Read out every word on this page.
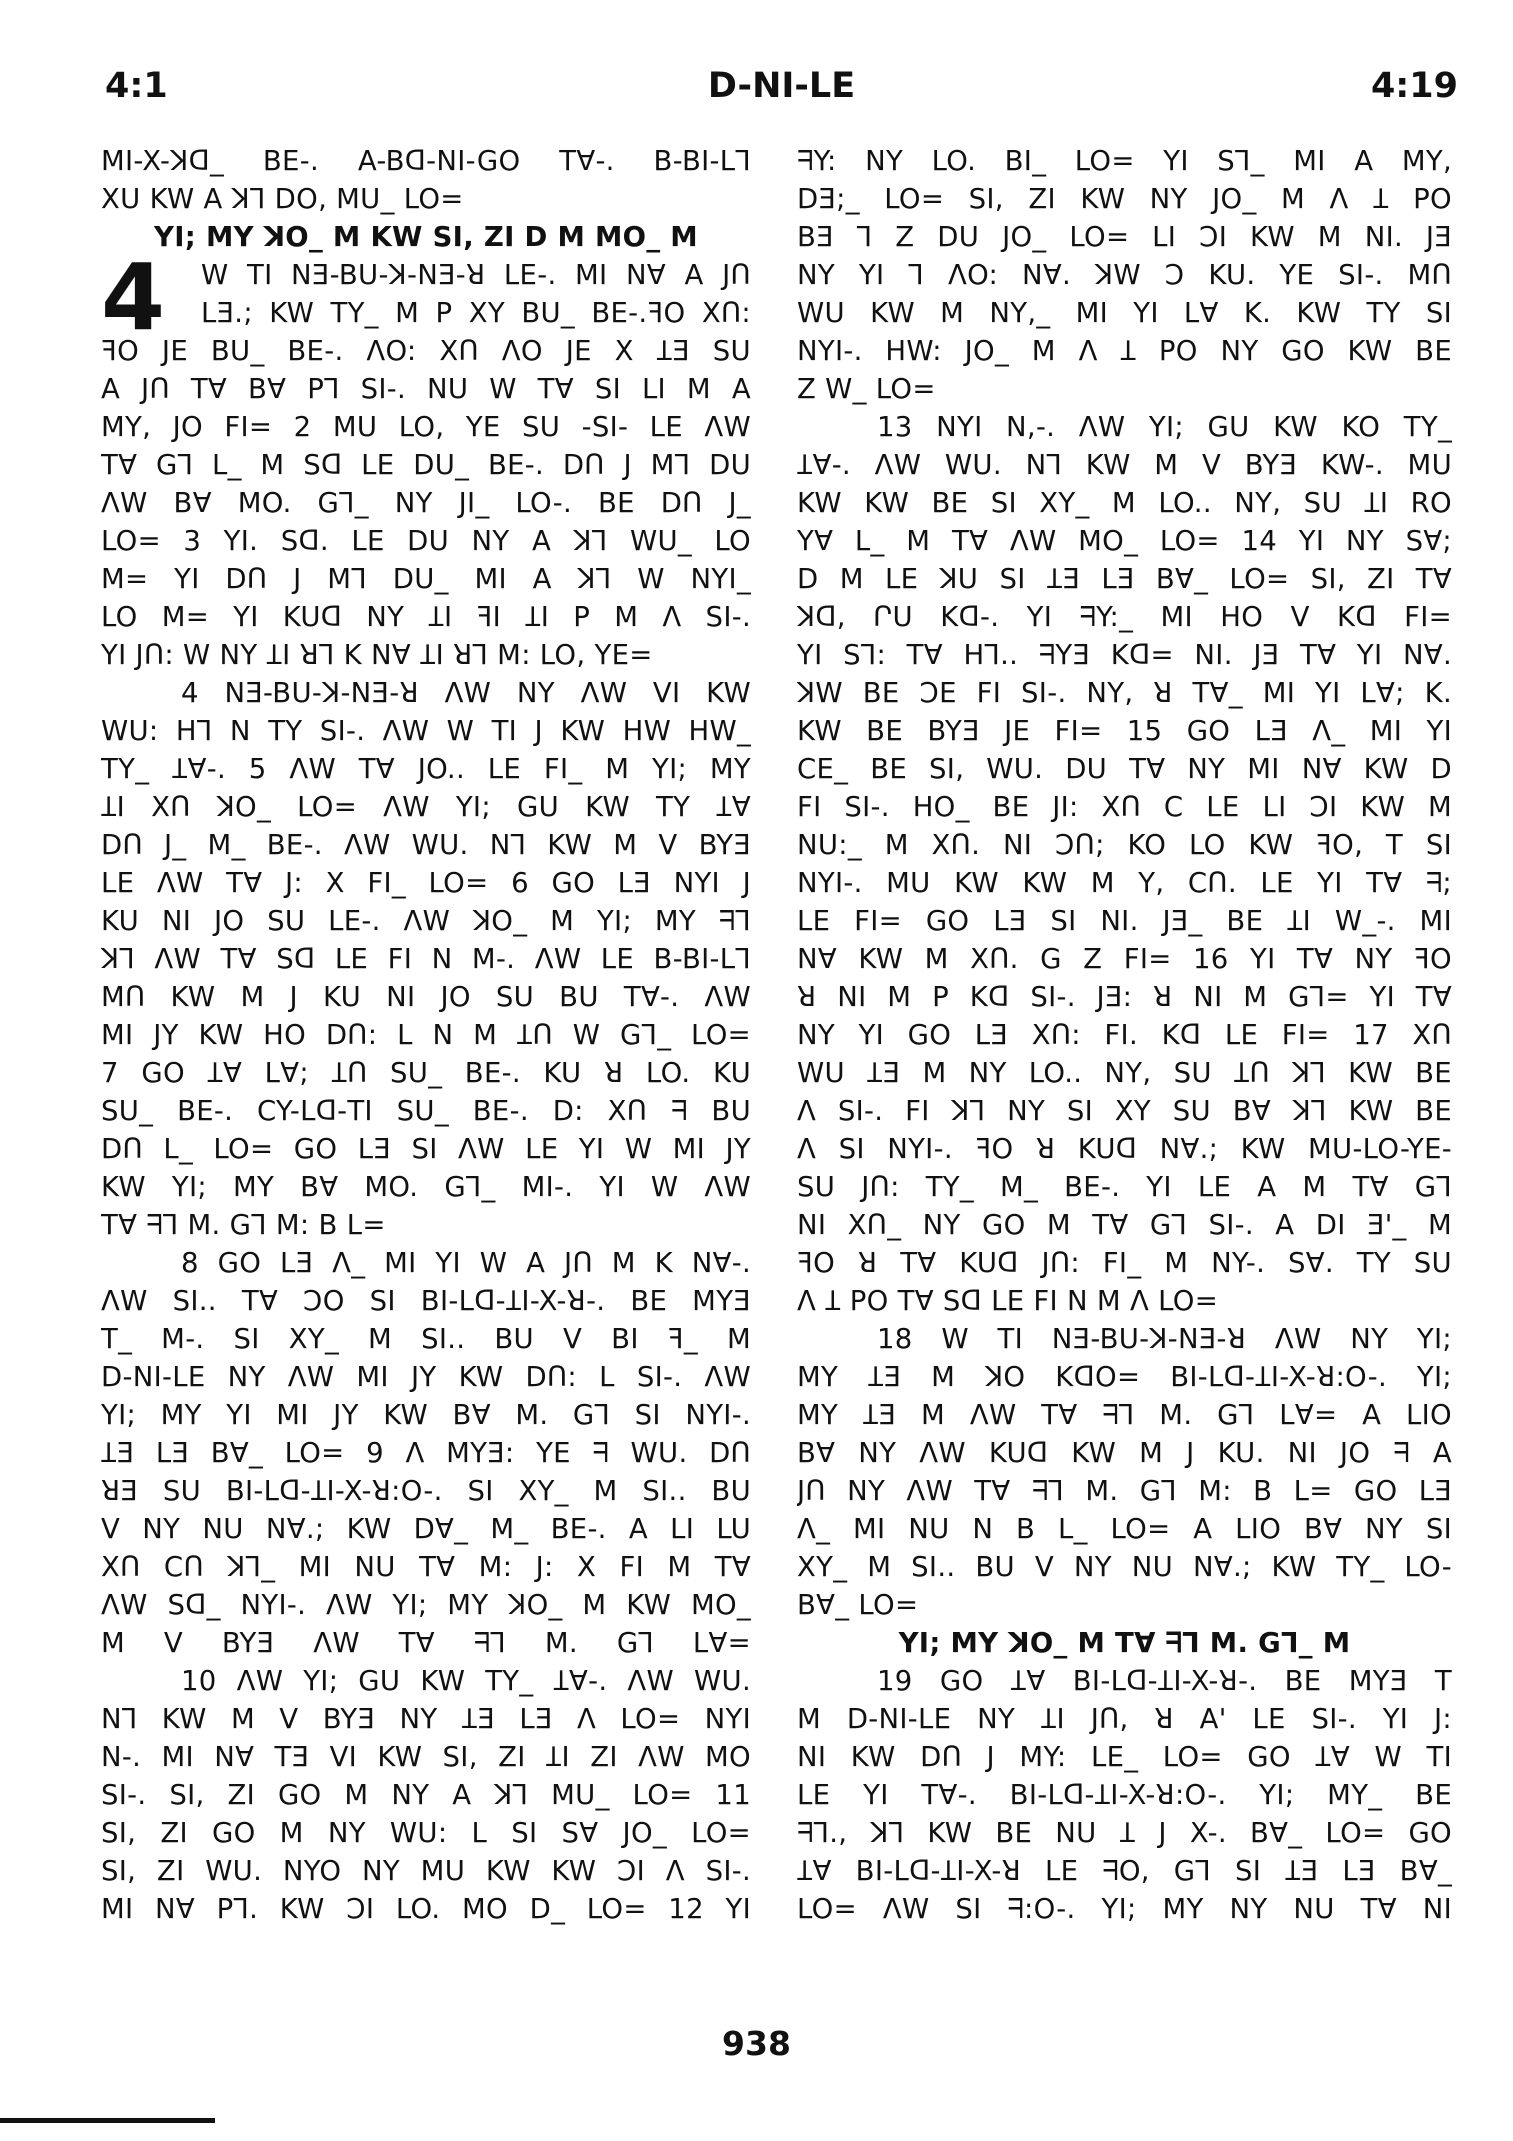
4:1	D-NI-LE	4:19
MI-X-ꓘᗡ_ BE-. A-Bᗡ-NI-GO TⱯ-. B-BI-LꞀ
XU KW A ꓘꞀ DO, MU_ LO=
YI; MY ꓘO_ M KW SI, ZI D M MO_ M
W TI NƎ-BU-ꓘ-NƎ-ꓤ LE-. MI NⱯ A JՈ
4	LƎ.; KW TY_ M P XY BU_ BE-.ꟻO XՈ:
ꟻO JE BU_ BE-. ΛO: XՈ ΛO JE X ꞱƎ SU
A JՈ TⱯ BⱯ PꞀ SI-. NU W TⱯ SI LI M A
MY, JO FI= 2 MU LO, YE SU -SI- LE ΛW
TⱯ GꞀ L_ M Sᗡ LE DU_ BE-. DՈ J MꞀ DU
ΛW BⱯ MO. GꞀ_ NY JI_ LO-. BE DՈ J_
LO= 3 YI. Sᗡ. LE DU NY A ꓘꞀ WU_ LO
M= YI DՈ J MꞀ DU_ MI A ꓘꞀ W NYI_
LO M= YI KUᗡ NY ꞱI ꟻI ꞱI P M Λ SI-.
YI JՈ: W NY ꞱI ꓤꞀ K NⱯ ꞱI ꓤꞀ M: LO, YE=
4 NƎ-BU-ꓘ-NƎ-ꓤ ΛW NY ΛW VI KW
WU: HꞀ N TY SI-. ΛW W TI J KW HW HW_
TY_ ꞱⱯ-. 5 ΛW TⱯ JO.. LE FI_ M YI; MY
ꞱI XՈ ꓘO_ LO= ΛW YI; GU KW TY ꞱⱯ
DՈ J_ M_ BE-. ΛW WU. NꞀ KW M V BYƎ
LE ΛW TⱯ J: X FI_ LO= 6 GO LƎ NYI J
KU NI JO SU LE-. ΛW ꓘO_ M YI; MY ᖷꞀ
ꓘꞀ ΛW TⱯ Sᗡ LE FI N M-. ΛW LE B-BI-LꞀ
MՈ KW M J KU NI JO SU BU TⱯ-. ΛW
MI JY KW HO DՈ: L N M ꞱՈ W GꞀ_ LO=
7 GO ꞱⱯ LⱯ; ꞱՈ SU_ BE-. KU ꓤ LO. KU
SU_ BE-. CY-Lᗡ-TI SU_ BE-. D: XՈ ᖷ BU
DՈ L_ LO= GO LƎ SI ΛW LE YI W MI JY
KW YI; MY BⱯ MO. GꞀ_ MI-. YI W ΛW
TⱯ ᖷꞀ M. GꞀ M: B L=
8 GO LƎ Λ_ MI YI W A JՈ M K NⱯ-.
ΛW SI.. TⱯ ƆO SI BI-Lᗡ-ꞱI-X-ꓤ-. BE MYƎ
T_ M-. SI XY_ M SI.. BU V BI ꟻ_ M
D-NI-LE NY ΛW MI JY KW DՈ: L SI-. ΛW
YI; MY YI MI JY KW BⱯ M. GꞀ SI NYI-.
ꞱƎ LƎ BⱯ_ LO= 9 Λ MYƎ: YE ᖷ WU. DՈ
ꓤƎ SU BI-Lᗡ-ꞱI-X-ꓤ:O-. SI XY_ M SI.. BU
V NY NU NⱯ.; KW DⱯ_ M_ BE-. A LI LU
XՈ CՈ ꓘꞀ_ MI NU TⱯ M: J: X FI M TⱯ
ΛW Sᗡ_ NYI-. ΛW YI; MY ꓘO_ M KW MO_
M V BYƎ ΛW TⱯ ᖷꞀ M. GꞀ LⱯ=
10 ΛW YI; GU KW TY_ ꞱⱯ-. ΛW WU.
NꞀ KW M V BYƎ NY ꞱƎ LƎ Λ LO= NYI
N-. MI NⱯ TƎ VI KW SI, ZI ꞱI ZI ΛW MO
SI-. SI, ZI GO M NY A ꓘꞀ MU_ LO= 11
SI, ZI GO M NY WU: L SI SⱯ JO_ LO=
SI, ZI WU. NYO NY MU KW KW ƆI Λ SI-.
MI NⱯ PꞀ. KW ƆI LO. MO D_ LO= 12 YI
ᖷY: NY LO. BI_ LO= YI SꞀ_ MI A MY,
DƎ;_ LO= SI, ZI KW NY JO_ M Λ Ʇ PO
BƎ Ꞁ Z DU JO_ LO= LI ƆI KW M NI. JƎ
NY YI Ꞁ ΛO: NⱯ. ꓘW Ɔ KU. YE SI-. MՈ
WU KW M NY,_ MI YI LⱯ K. KW TY SI
NYI-. HW: JO_ M Λ Ʇ PO NY GO KW BE
Z W_ LO=
13 NYI N,-. ΛW YI; GU KW KO TY_
ꞱⱯ-. ΛW WU. NꞀ KW M V BYƎ KW-. MU
KW KW BE SI XY_ M LO.. NY, SU ꞱI RO
YⱯ L_ M TⱯ ΛW MO_ LO= 14 YI NY SⱯ;
D M LE ꓘU SI ꞱƎ LƎ BⱯ_ LO= SI, ZI TⱯ
ꓘᗡ, ՐU Kᗡ-. YI ᖷY:_ MI HO V Kᗡ FI=
YI SꞀ: TⱯ HꞀ.. ᖷYƎ Kᗡ= NI. JƎ TⱯ YI NⱯ.
ꓘW BE ƆE FI SI-. NY, ꓤ TⱯ_ MI YI LⱯ; K.
KW BE BYƎ JE FI= 15 GO LƎ Λ_ MI YI
CE_ BE SI, WU. DU TⱯ NY MI NⱯ KW D
FI SI-. HO_ BE JI: XՈ C LE LI ƆI KW M
NU:_ M XՈ. NI ƆՈ; KO LO KW ꟻO, T SI
NYI-. MU KW KW M Y, CՈ. LE YI TⱯ ᖷ;
LE FI= GO LƎ SI NI. JƎ_ BE ꞱI W_-. MI
NⱯ KW M XՈ. G Z FI= 16 YI TⱯ NY ꟻO
ꓤ NI M P Kᗡ SI-. JƎ: ꓤ NI M GꞀ= YI TⱯ
NY YI GO LƎ XՈ: FI. Kᗡ LE FI= 17 XՈ
WU ꞱƎ M NY LO.. NY, SU ꞱՈ ꓘꞀ KW BE
Λ SI-. FI ꓘꞀ NY SI XY SU BⱯ ꓘꞀ KW BE
Λ SI NYI-. ꟻO ꓤ KUᗡ NⱯ.; KW MU-LO-YE-
SU JՈ: TY_ M_ BE-. YI LE A M TⱯ GꞀ
NI XՈ_ NY GO M TⱯ GꞀ SI-. A DI Ǝ'_ M
ꟻO ꓤ TⱯ KUᗡ JՈ: FI_ M NY-. SⱯ. TY SU
Λ Ʇ PO TⱯ Sᗡ LE FI N M Λ LO=
18 W TI NƎ-BU-ꓘ-NƎ-ꓤ ΛW NY YI;
MY ꞱƎ M ꓘO KᗡO= BI-Lᗡ-ꞱI-X-ꓤ:O-. YI;
MY ꞱƎ M ΛW TⱯ ᖷꞀ M. GꞀ LⱯ= A LIO
BⱯ NY ΛW KUᗡ KW M J KU. NI JO ᖷ A
JՈ NY ΛW TⱯ ᖷꞀ M. GꞀ M: B L= GO LƎ
Λ_ MI NU N B L_ LO= A LIO BⱯ NY SI
XY_ M SI.. BU V NY NU NⱯ.; KW TY_ LO-
BⱯ_ LO=
YI; MY ꓘO_ M TⱯ ᖷꞀ M. GꞀ_ M
19 GO ꞱⱯ BI-Lᗡ-ꞱI-X-ꓤ-. BE MYƎ T
M D-NI-LE NY ꞱI JՈ, ꓤ A' LE SI-. YI J:
NI KW DՈ J MY: LE_ LO= GO ꞱⱯ W TI
LE YI TⱯ-. BI-Lᗡ-ꞱI-X-ꓤ:O-. YI; MY_ BE
ᖷꞀ., ꓘꞀ KW BE NU Ʇ J X-. BⱯ_ LO= GO
ꞱⱯ BI-Lᗡ-ꞱI-X-ꓤ LE ᖷO, GꞀ SI ꞱƎ LƎ BⱯ_
LO= ΛW SI ᖷ:O-. YI; MY NY NU TⱯ NI
938
